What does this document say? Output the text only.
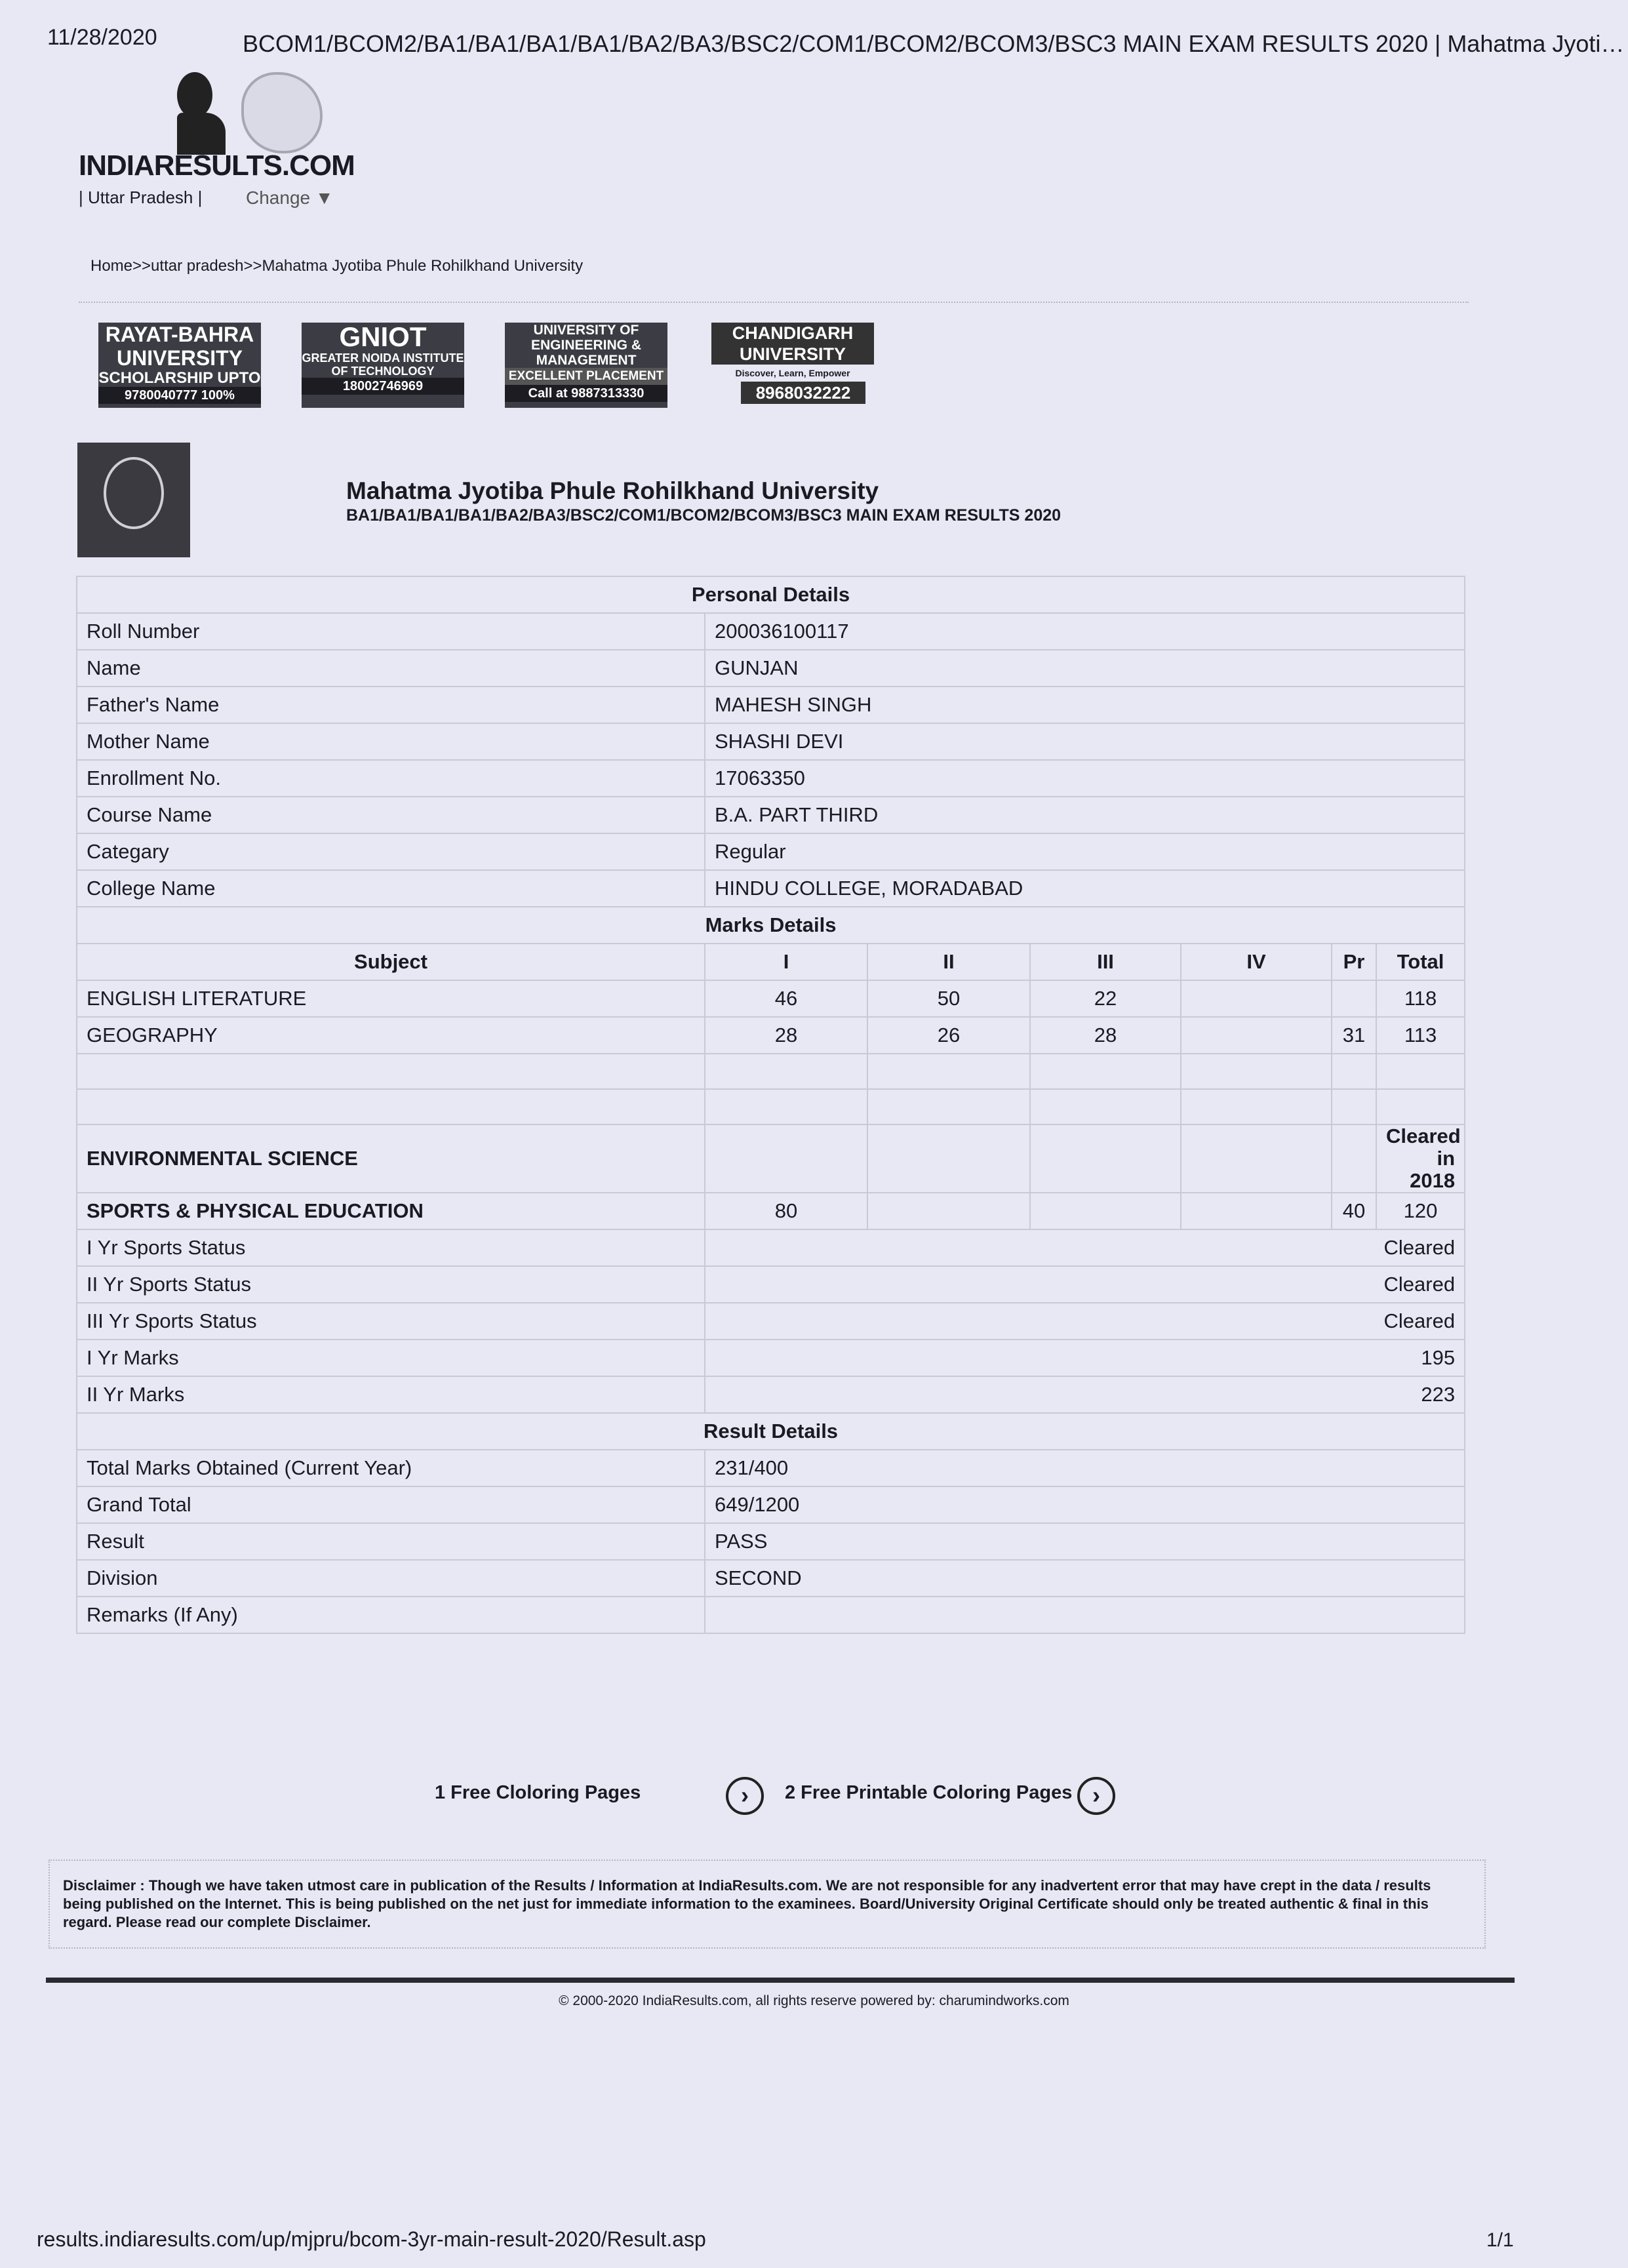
11/28/2020	BCOM1/BCOM2/BA1/BA1/BA1/BA1/BA2/BA3/BSC2/COM1/BCOM2/BCOM3/BSC3 MAIN EXAM RESULTS 2020 | Mahatma Jyoti…
INDIARESULTS.COM
| Uttar Pradesh | Change ▼
Home>>uttar pradesh>>Mahatma Jyotiba Phule Rohilkhand University
RAYAT-BAHRA
UNIVERSITY
SCHOLARSHIP UPTO
9780040777 100%
GNIOT
GREATER NOIDA INSTITUTE OF TECHNOLOGY
18002746969
UNIVERSITY OF ENGINEERING & MANAGEMENT
EXCELLENT PLACEMENT
Call at 9887313330
CHANDIGARH UNIVERSITY
Discover, Learn, Empower
8968032222
Mahatma Jyotiba Phule Rohilkhand University
BA1/BA1/BA1/BA1/BA2/BA3/BSC2/COM1/BCOM2/BCOM3/BSC3 MAIN EXAM RESULTS 2020
Personal Details						
Roll Number	200036100117					
Name	GUNJAN					
Father's Name	MAHESH SINGH					
Mother Name	SHASHI DEVI					
Enrollment No.	17063350					
Course Name	B.A. PART THIRD					
Categary	Regular					
College Name	HINDU COLLEGE, MORADABAD					
Marks Details						
Subject	I	II	III	IV	Pr	Total
ENGLISH LITERATURE	46	50	22			118
GEOGRAPHY	28	26	28		31	113

ENVIRONMENTAL SCIENCE						Cleared
in 2018

SPORTS & PHYSICAL EDUCATION	80				40	120
I Yr Sports Status	Cleared					
II Yr Sports Status	Cleared					
III Yr Sports Status	Cleared					
I Yr Marks	195					
II Yr Marks	223					
Result Details						
Total Marks Obtained (Current Year)	231/400					
Grand Total	649/1200					
Result	PASS					
Division	SECOND					
Remarks (If Any)						
1 Free Cloloring Pages	›	2 Free Printable Coloring Pages ›
Disclaimer : Though we have taken utmost care in publication of the Results / Information at IndiaResults.com. We are not responsible for any inadvertent error that may have crept in the data / results being published on the Internet. This is being published on the net just for immediate information to the examinees. Board/University Original Certificate should only be treated authentic & final in this regard. Please read our complete Disclaimer.
© 2000-2020 IndiaResults.com, all rights reserve powered by: charumindworks.com
results.indiaresults.com/up/mjpru/bcom-3yr-main-result-2020/Result.asp	1/1
